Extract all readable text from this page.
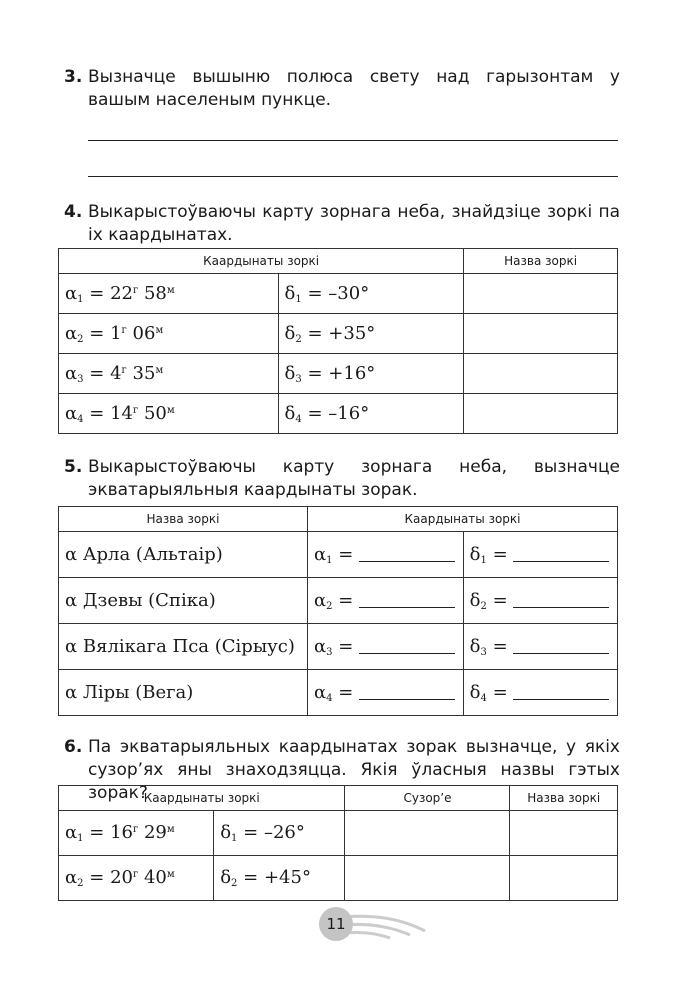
3. Вызначце вышыню полюса свету над гарызонтам у вашым населеным пункце.
4. Выкарыстоўваючы карту зорнага неба, знайдзіце зоркі па іх каардынатах.
Каардынаты зоркі		Назва зоркі
$\alpha_1 = 22^г$ $58^м$	$\delta_1 = -30^\circ$	
$\alpha_2 = 1^г$ $06^м$	$\delta_2 = +35^\circ$	
$\alpha_3 = 4^г$ $35^м$	$\delta_3 = +16^\circ$	
$\alpha_4 = 14^г$ $50^м$	$\delta_4 = -16^\circ$	
5. Выкарыстоўваючы карту зорнага неба, вызначце экватарыяльныя каардынаты зорак.
Назва зоркі	Каардынаты зоркі	
α Арла (Альтаір)	$\alpha_1$ =	$\delta_1$ =
α Дзевы (Спіка)	$\alpha_2$ =	$\delta_2$ =
α Вялікага Пса (Сірыус)	$\alpha_3$ =	$\delta_3$ =
α Ліры (Вега)	$\alpha_4$ =	$\delta_4$ =
6. Па экватарыяльных каардынатах зорак вызначце, у якіх сузор’ях яны знаходзяцца. Якія ўласныя назвы гэтых зорак?
Каардынаты зоркі		Сузор’е	Назва зоркі
$\alpha_1 = 16^г$ $29^м$	$\delta_1 = -26^\circ$		
$\alpha_2 = 20^г$ $40^м$	$\delta_2 = +45^\circ$		
11
